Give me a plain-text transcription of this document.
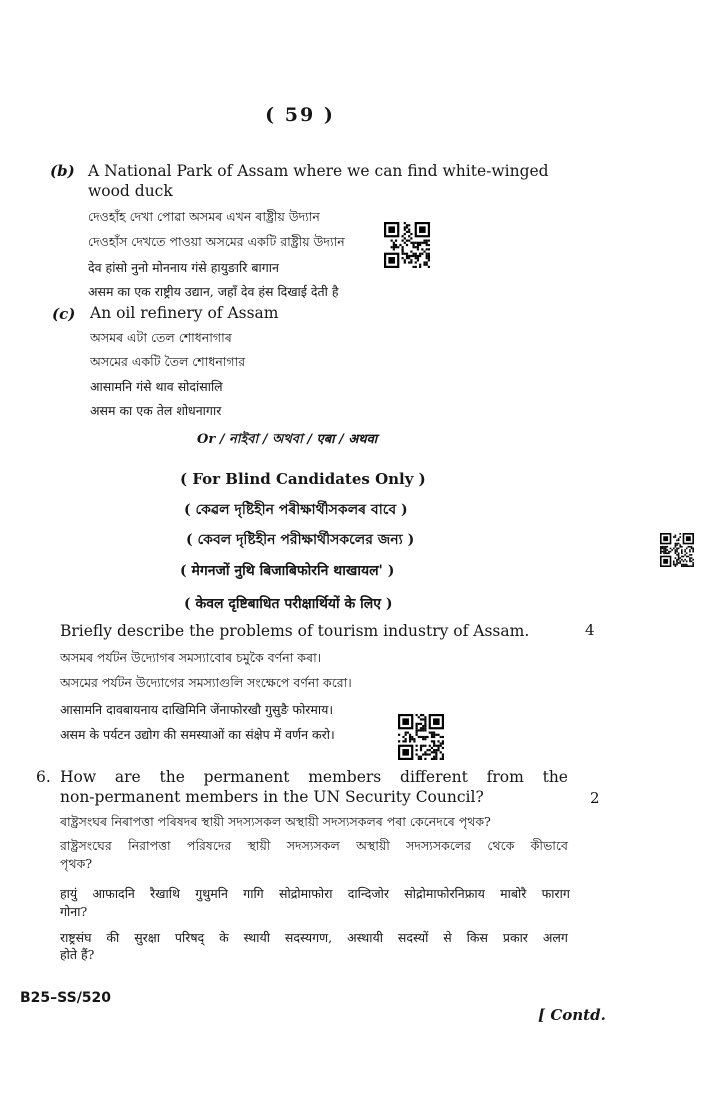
( 59 )
(b) A National Park of Assam where we can find white-winged
wood duck
দেওহাঁহ দেখা পোৱা অসমৰ এখন ৰাষ্ট্ৰীয় উদ্যান
দেওহাঁস দেখতে পাওয়া অসমের একটি রাষ্ট্রীয় উদ্যান
देव हांसो नुनो मोननाय गंसे हायुङारि बागान
असम का एक राष्ट्रीय उद्यान, जहाँ देव हंस दिखाई देती है
(c) An oil refinery of Assam
অসমৰ এটা তেল শোধনাগাৰ
অসমের একটি তৈল শোধনাগার
आसामनि गंसे थाव सोदांसालि
असम का एक तेल शोधनागार
Or / নাইবা / অথবা / एबा / अथवा
( For Blind Candidates Only )
( কেৱল দৃষ্টিহীন পৰীক্ষাৰ্থীসকলৰ বাবে )
( কেবল দৃষ্টিহীন পরীক্ষার্থীসকলের জন্য )
( मेगनजों नुथि बिजाबिफोरनि थाखायल' )
( केवल दृष्टिबाधित परीक्षार्थियों के लिए )
Briefly describe the problems of tourism industry of Assam.	4
অসমৰ পৰ্যটন উদ্যোগৰ সমস্যাবোৰ চমুকৈ বৰ্ণনা কৰা।
অসমের পর্যটন উদ্যোগের সমস্যাগুলি সংক্ষেপে বর্ণনা করো।
आसामनि दावबायनाय दाखिमिनि जेंनाफोरखौ गुसुङै फोरमाय।
असम के पर्यटन उद्योग की समस्याओं का संक्षेप में वर्णन करो।
6. How are the permanent members different from the
non-permanent members in the UN Security Council?	2
ৰাষ্ট্ৰসংঘৰ নিৰাপত্তা পৰিষদৰ স্থায়ী সদস্যসকল অস্থায়ী সদস্যসকলৰ পৰা কেনেদৰে পৃথক?
রাষ্ট্রসংঘের নিরাপত্তা পরিষদের স্থায়ী সদস্যসকল অস্থায়ী সদস্যসকলের থেকে কীভাবে
পৃথক?
हायुं आफादनि रैखाथि गुथुमनि गागि सोद्रोमाफोरा दान्दिजोर सोद्रोमाफोरनिफ्राय माबोरै फाराग
गोना?
राष्ट्रसंघ की सुरक्षा परिषद् के स्थायी सदस्यगण, अस्थायी सदस्यों से किस प्रकार अलग
होते हैं?
B25–SS/520
[ Contd.
